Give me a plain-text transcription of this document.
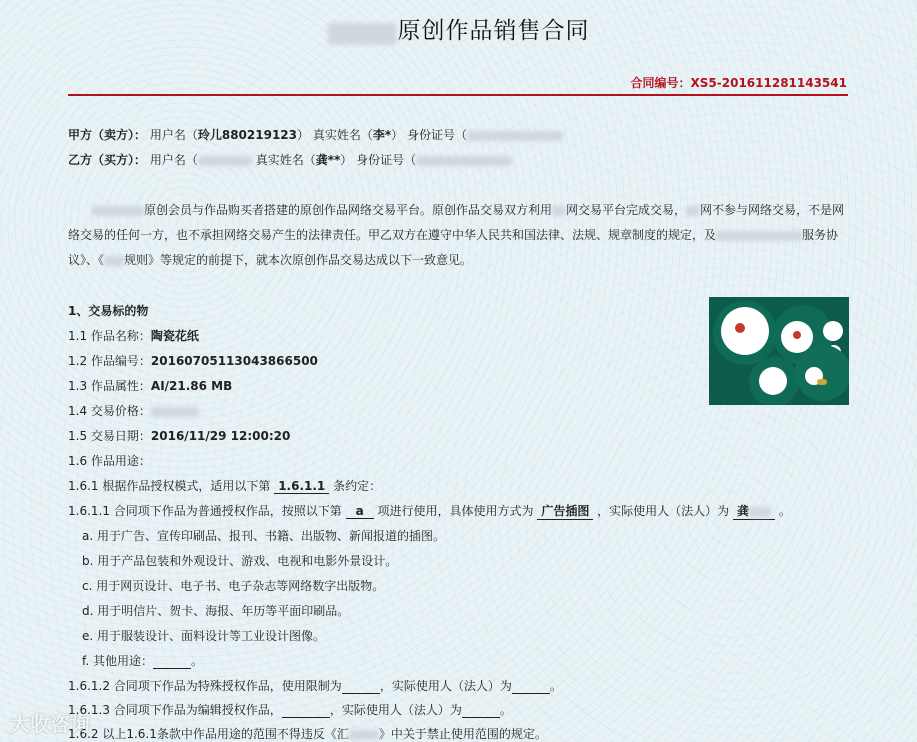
原创作品销售合同
合同编号：XS5-201611281143541
甲方（卖方）： 用户名（玲儿880219123） 真实姓名（李*） 身份证号（
乙方（买方）： 用户名（	真实姓名（龚**） 身份证号（
原创会员与作品购买者搭建的原创作品网络交易平台。原创作品交易双方利用 网交易平台完成交易， 网不参与网络交易，不是网络交易的任何一方，也不承担网络交易产生的法律责任。甲乙双方在遵守中华人民共和国法律、法规、规章制度的规定，及	服务协议》、《 规则》等规定的前提下，就本次原创作品交易达成以下一致意见。
1、交易标的物
1.1 作品名称：陶瓷花纸
1.2 作品编号：20160705113043866500
1.3 作品属性：AI/21.86 MB
1.4 交易价格：
1.5 交易日期：2016/11/29 12:00:20
1.6 作品用途：
1.6.1 根据作品授权模式，适用以下第 1.6.1.1 条约定：
1.6.1.1 合同项下作品为普通授权作品，按照以下第 a 项进行使用，具体使用方式为 广告插图 ，实际使用人（法人）为 龚 。
a. 用于广告、宣传印刷品、报刊、书籍、出版物、新闻报道的插图。
b. 用于产品包装和外观设计、游戏、电视和电影外景设计。
c. 用于网页设计、电子书、电子杂志等网络数字出版物。
d. 用于明信片、贺卡、海报、年历等平面印刷品。
e. 用于服装设计、面料设计等工业设计图像。
f. 其他用途：	。
1.6.1.2 合同项下作品为特殊授权作品，使用限制为	，实际使用人（法人）为	。
1.6.1.3 合同项下作品为编辑授权作品，	，实际使用人（法人）为	。
1.6.2 以上1.6.1条款中作品用途的范围不得违反《汇	》中关于禁止使用范围的规定。
大收咨询
